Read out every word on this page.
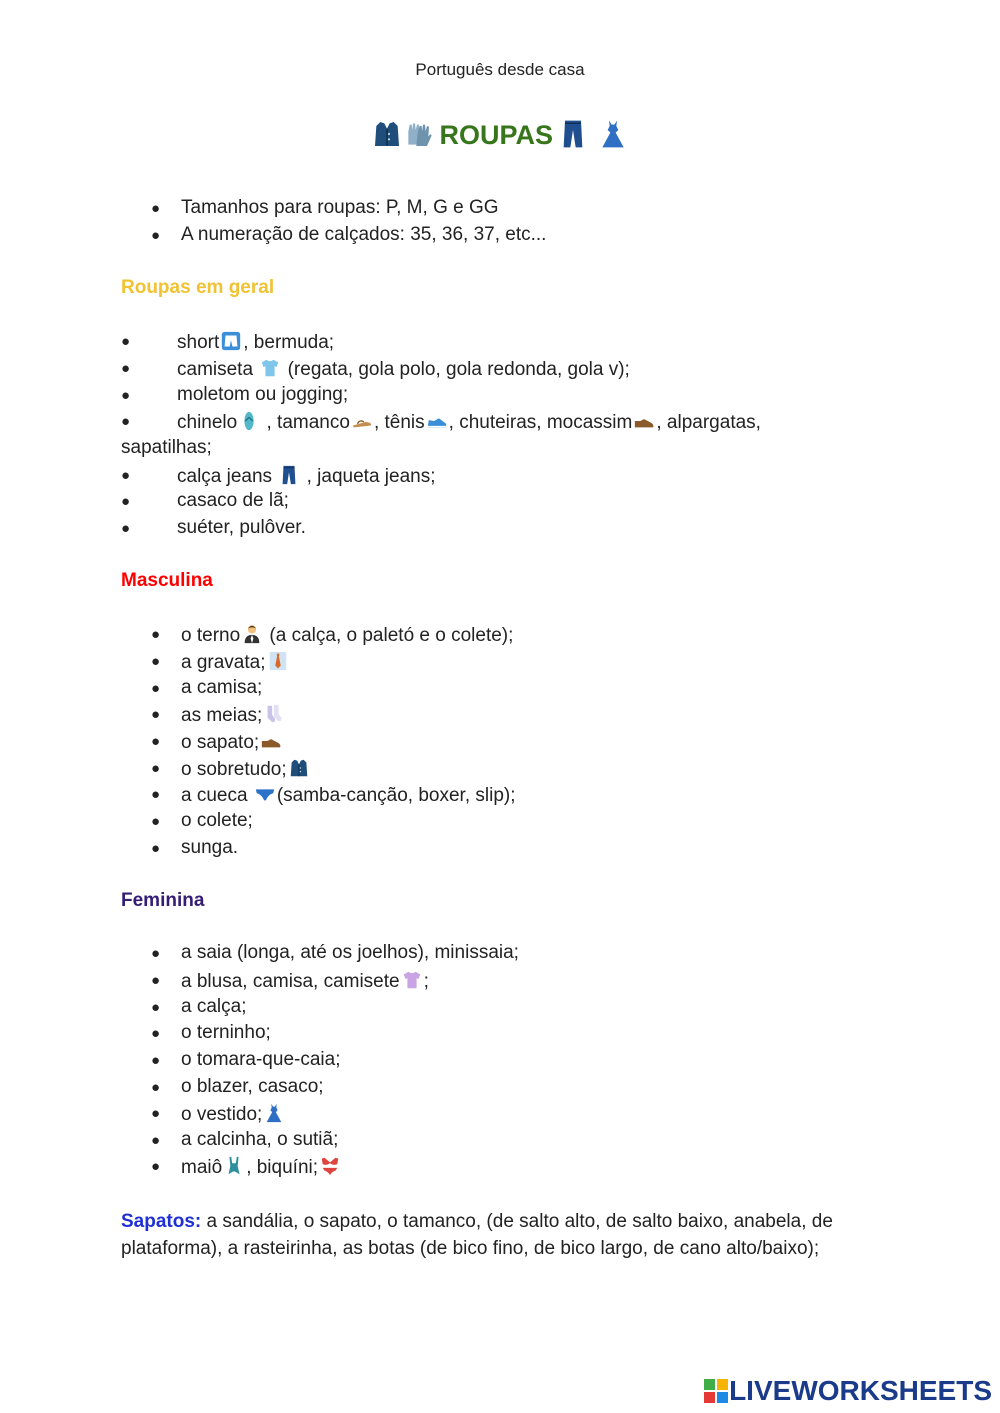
Português desde casa
ROUPAS
● Tamanhos para roupas: P, M, G e GG
● A numeração de calçados: 35, 36, 37, etc...
Roupas em geral
● short , bermuda;
● camiseta  (regata, gola polo, gola redonda, gola v);
● moletom ou jogging;
● chinelo , tamanco , tênis , chuteiras, mocassim , alpargatas,
sapatilhas;
● calça jeans  , jaqueta jeans;
● casaco de lã;
● suéter, pulôver.
Masculina
● o terno (a calça, o paletó e o colete);
● a gravata;
● a camisa;
● as meias;
● o sapato;
● o sobretudo;
● a cueca (samba-canção, boxer, slip);
● o colete;
● sunga.
Feminina
● a saia (longa, até os joelhos), minissaia;
● a blusa, camisa, camisete ;
● a calça;
● o terninho;
● o tomara-que-caia;
● o blazer, casaco;
● o vestido;
● a calcinha, o sutiã;
● maiô , biquíni;
Sapatos: a sandália, o sapato, o tamanco, (de salto alto, de salto baixo, anabela, de plataforma), a rasteirinha, as botas (de bico fino, de bico largo, de cano alto/baixo);
LIVEWORKSHEETS
